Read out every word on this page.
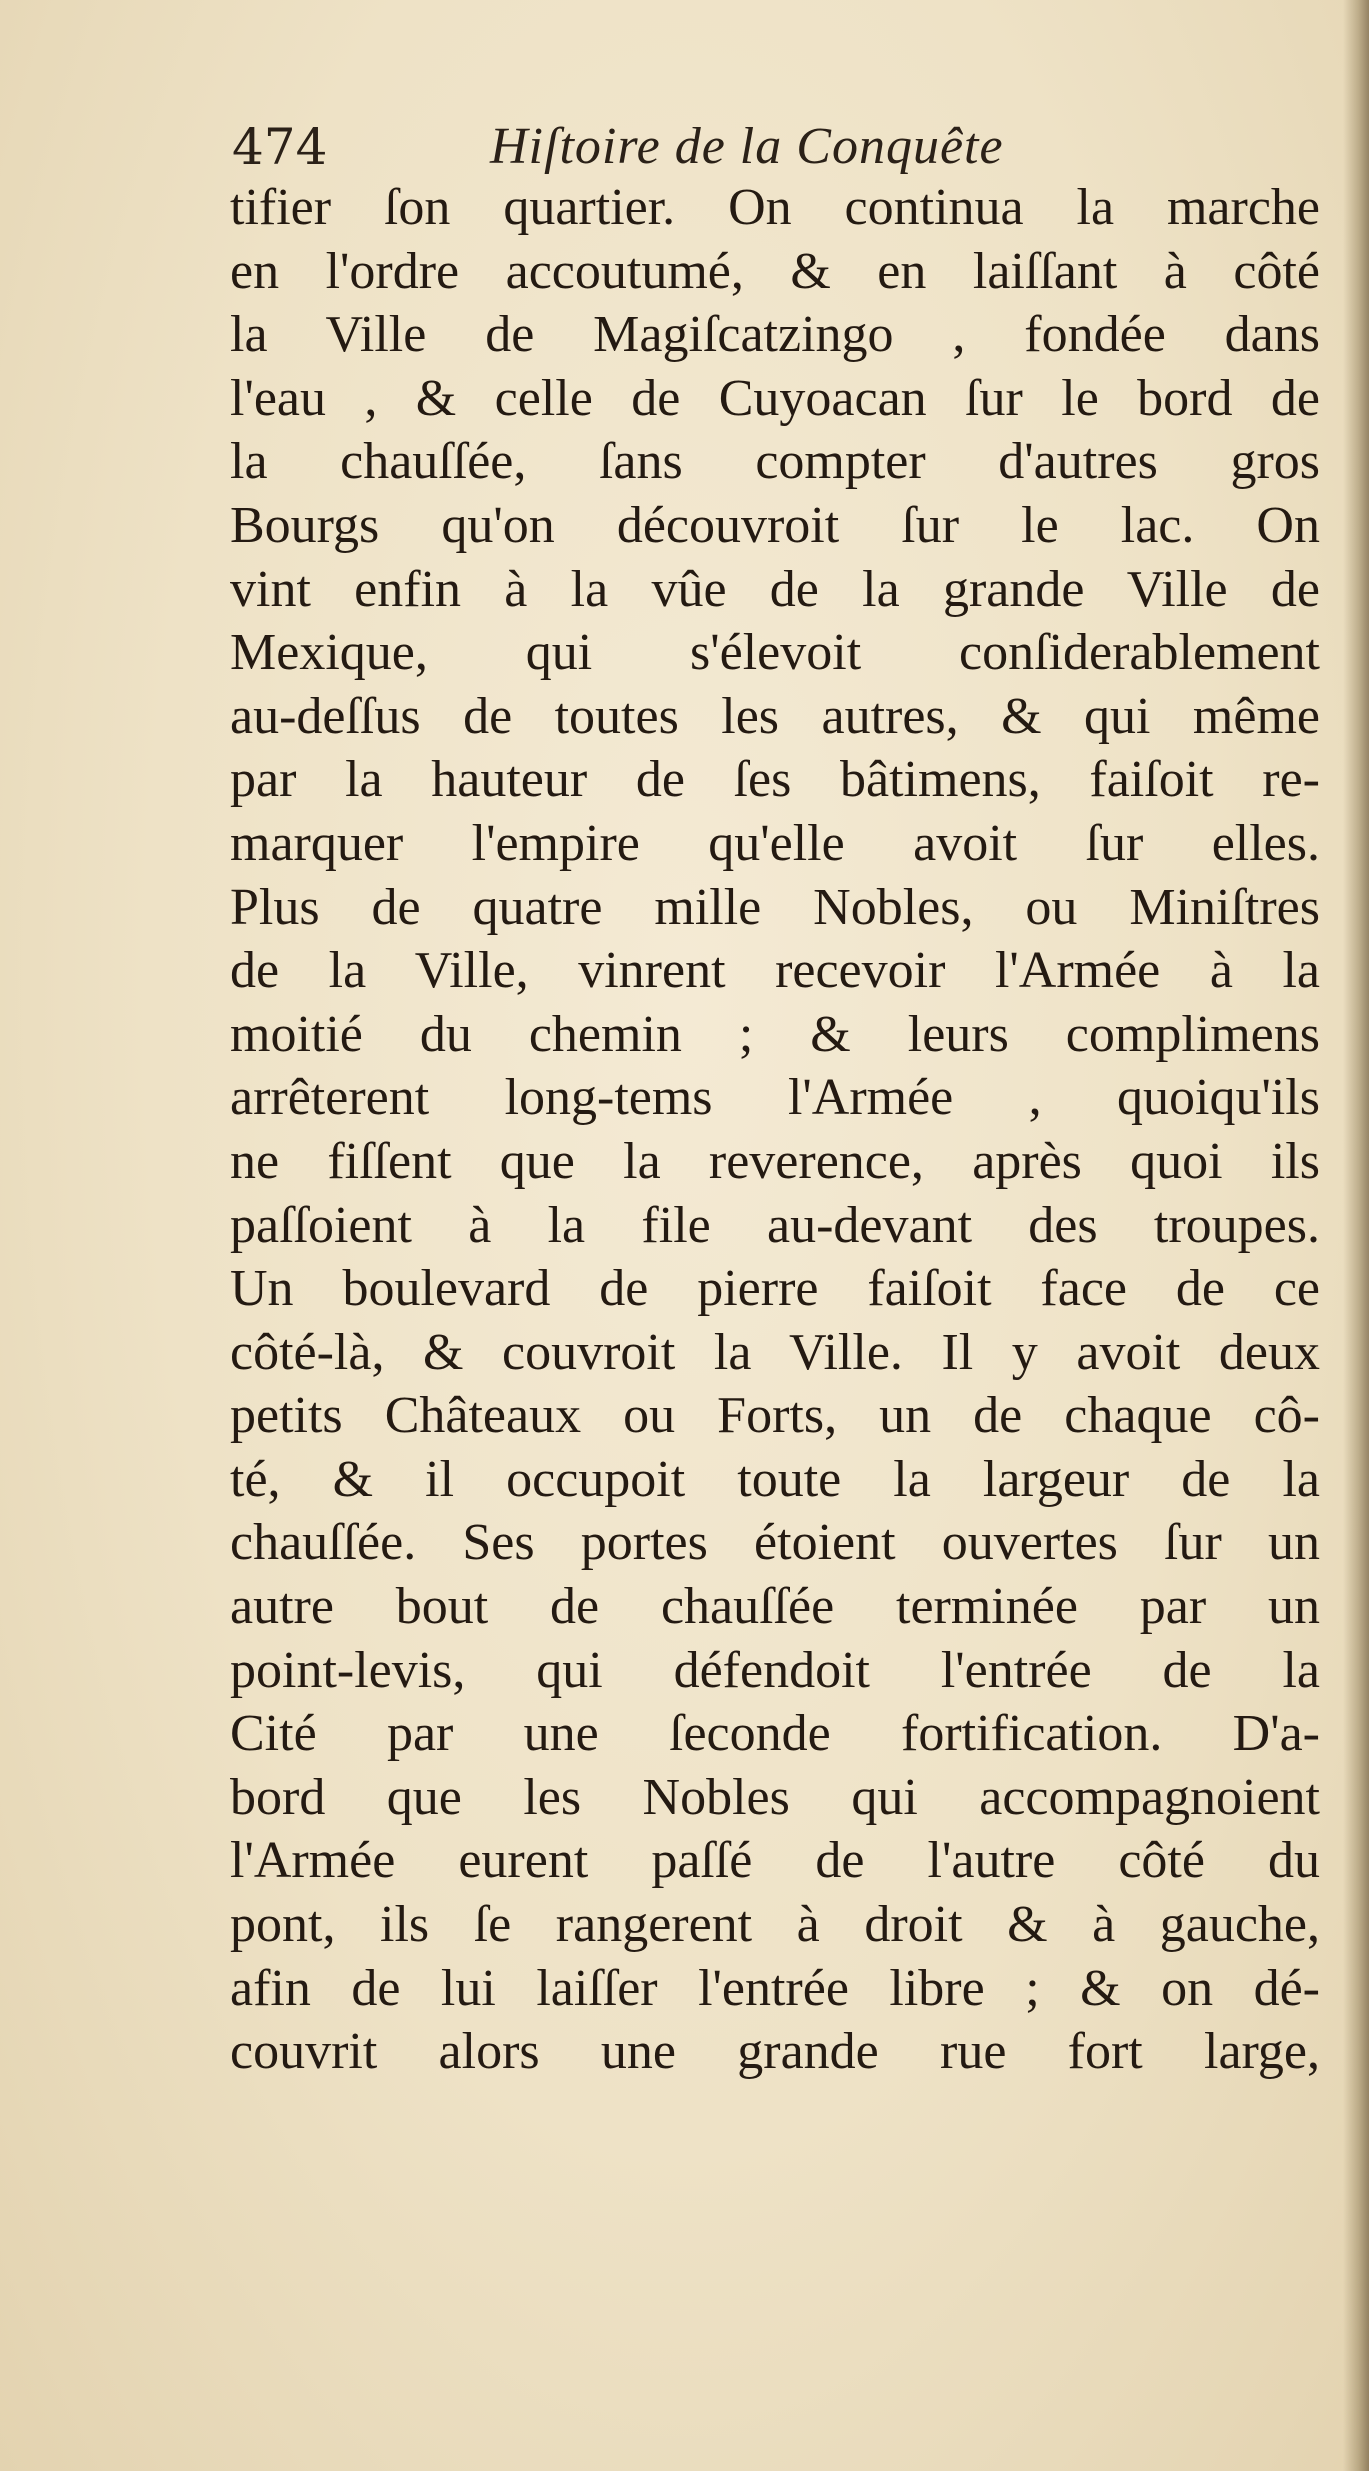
474	Hiſtoire de la Conquête
tifier ſon quartier. On continua la marche
en l'ordre accoutumé, & en laiſſant à côté
la Ville de Magiſcatzingo , fondée dans
l'eau , & celle de Cuyoacan ſur le bord de
la chauſſée, ſans compter d'autres gros
Bourgs qu'on découvroit ſur le lac. On
vint enfin à la vûe de la grande Ville de
Mexique, qui s'élevoit conſiderablement
au-deſſus de toutes les autres, & qui même
par la hauteur de ſes bâtimens, faiſoit re-
marquer l'empire qu'elle avoit ſur elles.
Plus de quatre mille Nobles, ou Miniſtres
de la Ville, vinrent recevoir l'Armée à la
moitié du chemin ; & leurs complimens
arrêterent long-tems l'Armée , quoiqu'ils
ne fiſſent que la reverence, après quoi ils
paſſoient à la file au-devant des troupes.
Un boulevard de pierre faiſoit face de ce
côté-là, & couvroit la Ville. Il y avoit deux
petits Châteaux ou Forts, un de chaque cô-
té, & il occupoit toute la largeur de la
chauſſée. Ses portes étoient ouvertes ſur un
autre bout de chauſſée terminée par un
point-levis, qui défendoit l'entrée de la
Cité par une ſeconde fortification. D'a-
bord que les Nobles qui accompagnoient
l'Armée eurent paſſé de l'autre côté du
pont, ils ſe rangerent à droit & à gauche,
afin de lui laiſſer l'entrée libre ; & on dé-
couvrit alors une grande rue fort large,
